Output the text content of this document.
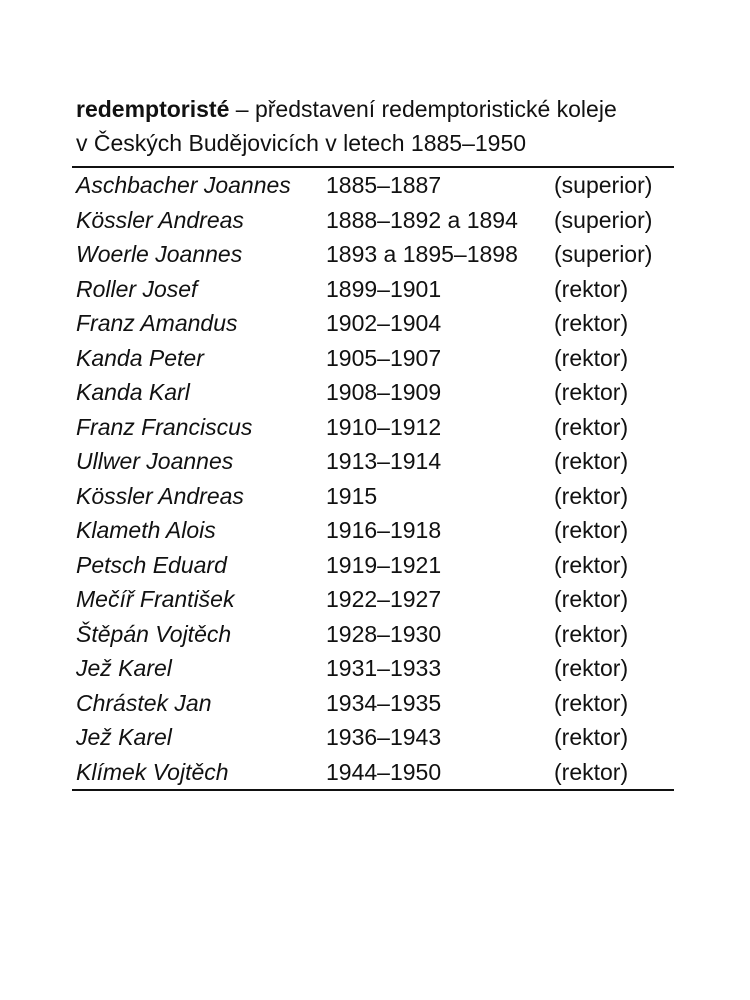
redemptoristé – představení redemptoristické koleje
v Českých Budějovicích v letech 1885–1950

Aschbacher Joannes	1885–1887	(superior)
Kössler Andreas	1888–1892 a 1894	(superior)
Woerle Joannes	1893 a 1895–1898	(superior)
Roller Josef	1899–1901	(rektor)
Franz Amandus	1902–1904	(rektor)
Kanda Peter	1905–1907	(rektor)
Kanda Karl	1908–1909	(rektor)
Franz Franciscus	1910–1912	(rektor)
Ullwer Joannes	1913–1914	(rektor)
Kössler Andreas	1915	(rektor)
Klameth Alois	1916–1918	(rektor)
Petsch Eduard	1919–1921	(rektor)
Mečíř František	1922–1927	(rektor)
Štěpán Vojtěch	1928–1930	(rektor)
Jež Karel	1931–1933	(rektor)
Chrástek Jan	1934–1935	(rektor)
Jež Karel	1936–1943	(rektor)
Klímek Vojtěch	1944–1950	(rektor)
